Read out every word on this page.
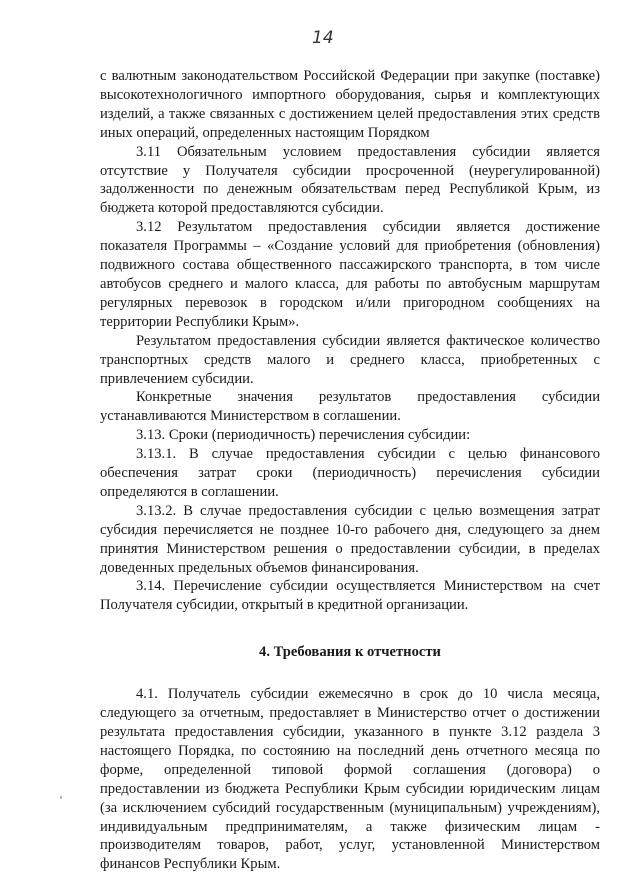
14

с валютным законодательством Российской Федерации при закупке (поставке) высокотехнологичного импортного оборудования, сырья и комплектующих изделий, а также связанных с достижением целей предоставления этих средств иных операций, определенных настоящим Порядком

3.11 Обязательным условием предоставления субсидии является отсутствие у Получателя субсидии просроченной (неурегулированной) задолженности по денежным обязательствам перед Республикой Крым, из бюджета которой предоставляются субсидии.

3.12 Результатом предоставления субсидии является достижение показателя Программы – «Создание условий для приобретения (обновления) подвижного состава общественного пассажирского транспорта, в том числе автобусов среднего и малого класса, для работы по автобусным маршрутам регулярных перевозок в городском и/или пригородном сообщениях на территории Республики Крым».

Результатом предоставления субсидии является фактическое количество транспортных средств малого и среднего класса, приобретенных с привлечением субсидии.

Конкретные значения результатов предоставления субсидии устанавливаются Министерством в соглашении.

3.13. Сроки (периодичность) перечисления субсидии:

3.13.1. В случае предоставления субсидии с целью финансового обеспечения затрат сроки (периодичность) перечисления субсидии определяются в соглашении.

3.13.2. В случае предоставления субсидии с целью возмещения затрат субсидия перечисляется не позднее 10-го рабочего дня, следующего за днем принятия Министерством решения о предоставлении субсидии, в пределах доведенных предельных объемов финансирования.

3.14. Перечисление субсидии осуществляется Министерством на счет Получателя субсидии, открытый в кредитной организации.

4. Требования к отчетности

4.1. Получатель субсидии ежемесячно в срок до 10 числа месяца, следующего за отчетным, предоставляет в Министерство отчет о достижении результата предоставления субсидии, указанного в пункте 3.12 раздела 3 настоящего Порядка, по состоянию на последний день отчетного месяца по форме, определенной типовой формой соглашения (договора) о предоставлении из бюджета Республики Крым субсидии юридическим лицам (за исключением субсидий государственным (муниципальным) учреждениям), индивидуальным предпринимателям, а также физическим лицам - производителям товаров, работ, услуг, установленной Министерством финансов Республики Крым.
